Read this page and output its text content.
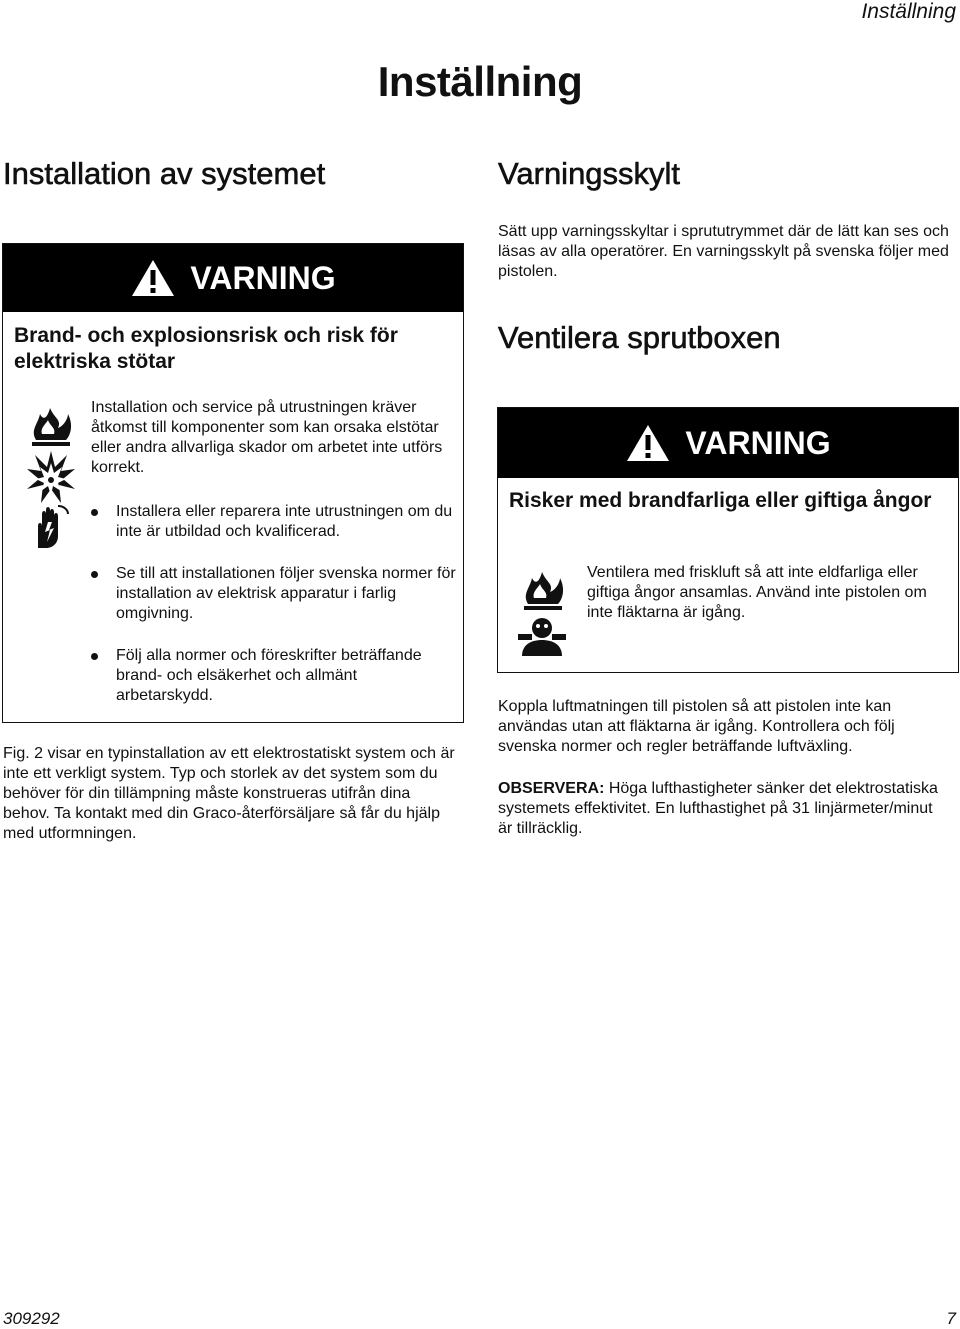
Inställning
Inställning
Installation av systemet
VARNING
Brand- och explosionsrisk och risk för elektriska stötar
Installation och service på utrustningen kräver åtkomst till komponenter som kan orsaka elstötar eller andra allvarliga skador om arbetet inte utförs korrekt.
Installera eller reparera inte utrustningen om du inte är utbildad och kvalificerad.
Se till att installationen följer svenska normer för installation av elektrisk apparatur i farlig omgivning.
Följ alla normer och föreskrifter beträffande brand- och elsäkerhet och allmänt arbetarskydd.
Fig. 2 visar en typinstallation av ett elektrostatiskt system och är inte ett verkligt system. Typ och storlek av det system som du behöver för din tillämpning måste konstrueras utifrån dina behov. Ta kontakt med din Graco-återförsäljare så får du hjälp med utformningen.
Varningsskylt
Sätt upp varningsskyltar i sprututrymmet där de lätt kan ses och läsas av alla operatörer. En varningsskylt på svenska följer med pistolen.
Ventilera sprutboxen
VARNING
Risker med brandfarliga eller giftiga ångor
Ventilera med friskluft så att inte eldfarliga eller giftiga ångor ansamlas. Använd inte pistolen om inte fläktarna är igång.
Koppla luftmatningen till pistolen så att pistolen inte kan användas utan att fläktarna är igång. Kontrollera och följ svenska normer och regler beträffande luftväxling.
OBSERVERA: Höga lufthastigheter sänker det elektrostatiska systemets effektivitet. En lufthastighet på 31 linjärmeter/minut är tillräcklig.
309292	7
